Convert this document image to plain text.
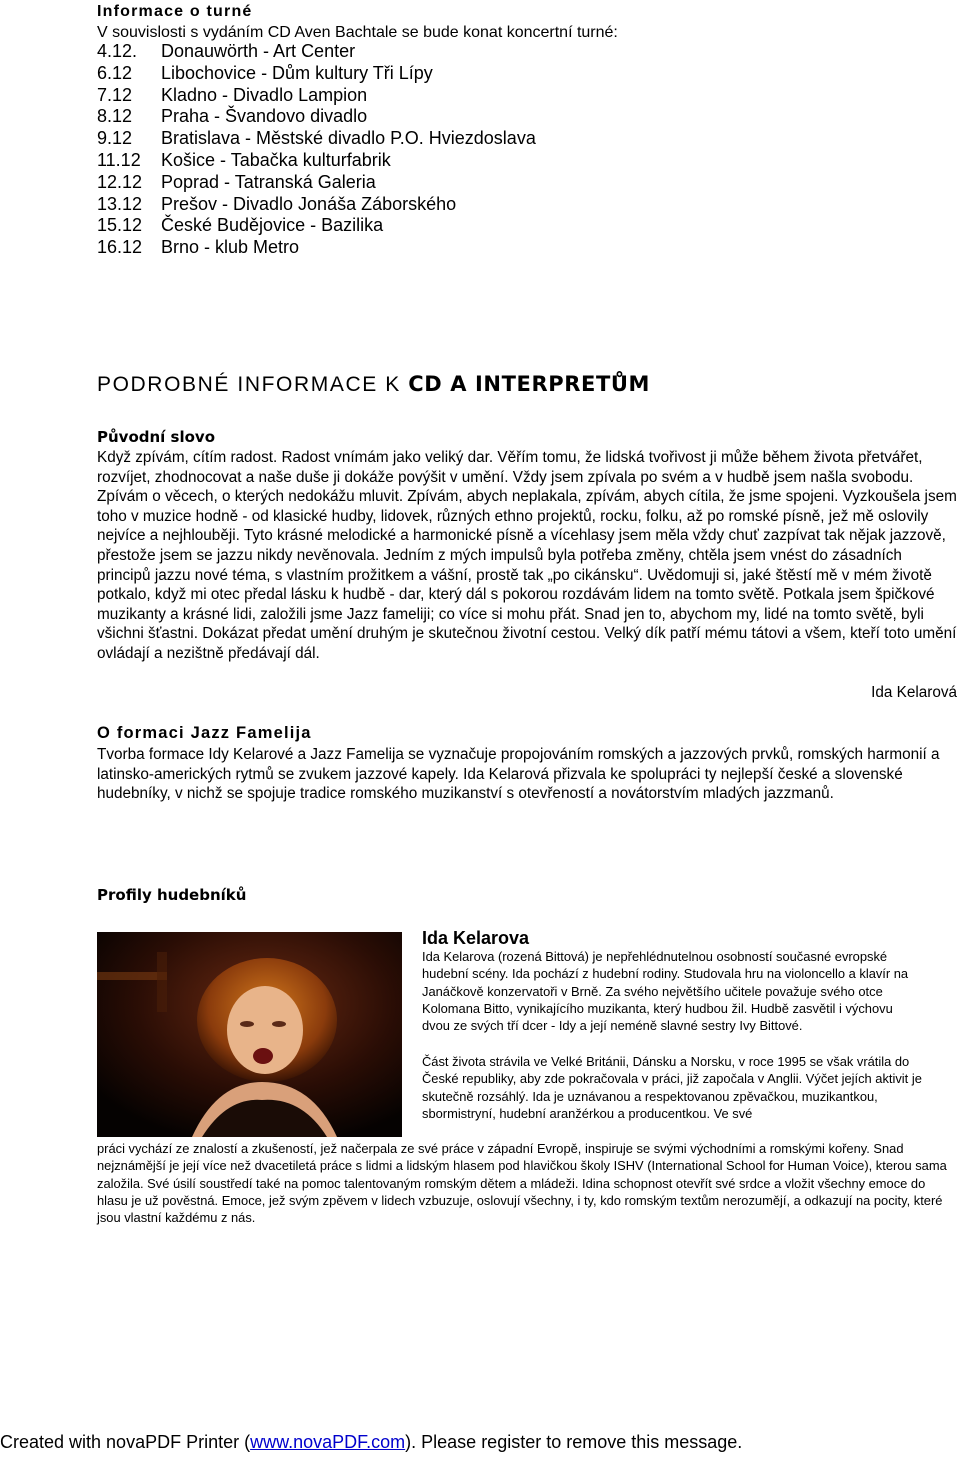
Informace o turné
V souvislosti s vydáním CD Aven Bachtale se bude konat koncertní turné:
4.12.	Donauwörth - Art Center
6.12	Libochovice - Dům kultury Tři Lípy
7.12	Kladno - Divadlo Lampion
8.12	Praha - Švandovo divadlo
9.12	Bratislava - Městské divadlo P.O. Hviezdoslava
11.12	Košice - Tabačka kulturfabrik
12.12	Poprad - Tatranská Galeria
13.12	Prešov - Divadlo Jonáša Záborského
15.12	České Budějovice - Bazilika
16.12	Brno - klub Metro
PODROBNÉ INFORMACE K CD A INTERPRETŮM
Původní slovo
Když zpívám, cítím radost. Radost vnímám jako veliký dar. Věřím tomu, že lidská tvořivost ji může během života přetvářet, rozvíjet, zhodnocovat a naše duše ji dokáže povýšit v umění. Vždy jsem zpívala po svém a v hudbě jsem našla svobodu. Zpívám o věcech, o kterých nedokážu mluvit. Zpívám, abych neplakala, zpívám, abych cítila, že jsme spojeni. Vyzkoušela jsem toho v muzice hodně - od klasické hudby, lidovek, různých ethno projektů, rocku, folku, až po romské písně, jež mě oslovily nejvíce a nejhlouběji. Tyto krásné melodické a harmonické písně a vícehlasy jsem měla vždy chuť zazpívat tak nějak jazzově, přestože jsem se jazzu nikdy nevěnovala. Jedním z mých impulsů byla potřeba změny, chtěla jsem vnést do zásadních principů jazzu nové téma, s vlastním prožitkem a vášní, prostě tak „po cikánsku“. Uvědomuji si, jaké štěstí mě v mém životě potkalo, když mi otec předal lásku k hudbě - dar, který dál s pokorou rozdávám lidem na tomto světě. Potkala jsem špičkové muzikanty a krásné lidi, založili jsme Jazz fameliji; co více si mohu přát. Snad jen to, abychom my, lidé na tomto světě, byli všichni šťastni. Dokázat předat umění druhým je skutečnou životní cestou. Velký dík patří mému tátovi a všem, kteří toto umění ovládají a nezištně předávají dál.
Ida Kelarová
O formaci Jazz Famelija
Tvorba formace Idy Kelarové a Jazz Famelija se vyznačuje propojováním romských a jazzových prvků, romských harmonií a latinsko-amerických rytmů se zvukem jazzové kapely. Ida Kelarová přizvala ke spolupráci ty nejlepší české a slovenské hudebníky, v nichž se spojuje tradice romského muzikanství s otevřeností a novátorstvím mladých jazzmanů.
Profily hudebníků
Ida Kelarova
Ida Kelarova (rozená Bittová) je nepřehlédnutelnou osobností současné evropské hudební scény. Ida pochází z hudební rodiny. Studovala hru na violoncello a klavír na Janáčkově konzervatoři v Brně. Za svého největšího učitele považuje svého otce Kolomana Bitto, vynikajícího muzikanta, který hudbou žil. Hudbě zasvětil i výchovu dvou ze svých tří dcer - Idy a její neméně slavné sestry Ivy Bittové.
Část života strávila ve Velké Británii, Dánsku a Norsku, v roce 1995 se však vrátila do České republiky, aby zde pokračovala v práci, již započala v Anglii. Výčet jejích aktivit je skutečně rozsáhlý. Ida je uznávanou a respektovanou zpěvačkou, muzikantkou, sbormistryní, hudební aranžérkou a producentkou. Ve své
práci vychází ze znalostí a zkušeností, jež načerpala ze své práce v západní Evropě, inspiruje se svými východními a romskými kořeny. Snad nejznámější je její více než dvacetiletá práce s lidmi a lidským hlasem pod hlavičkou školy ISHV (International School for Human Voice), kterou sama založila. Své úsilí soustředí také na pomoc talentovaným romským dětem a mládeži. Idina schopnost otevřít své srdce a vložit všechny emoce do hlasu je už pověstná. Emoce, jež svým zpěvem v lidech vzbuzuje, oslovují všechny, i ty, kdo romským textům nerozumějí, a odkazují na pocity, které jsou vlastní každému z nás.
Created with novaPDF Printer (www.novaPDF.com). Please register to remove this message.
